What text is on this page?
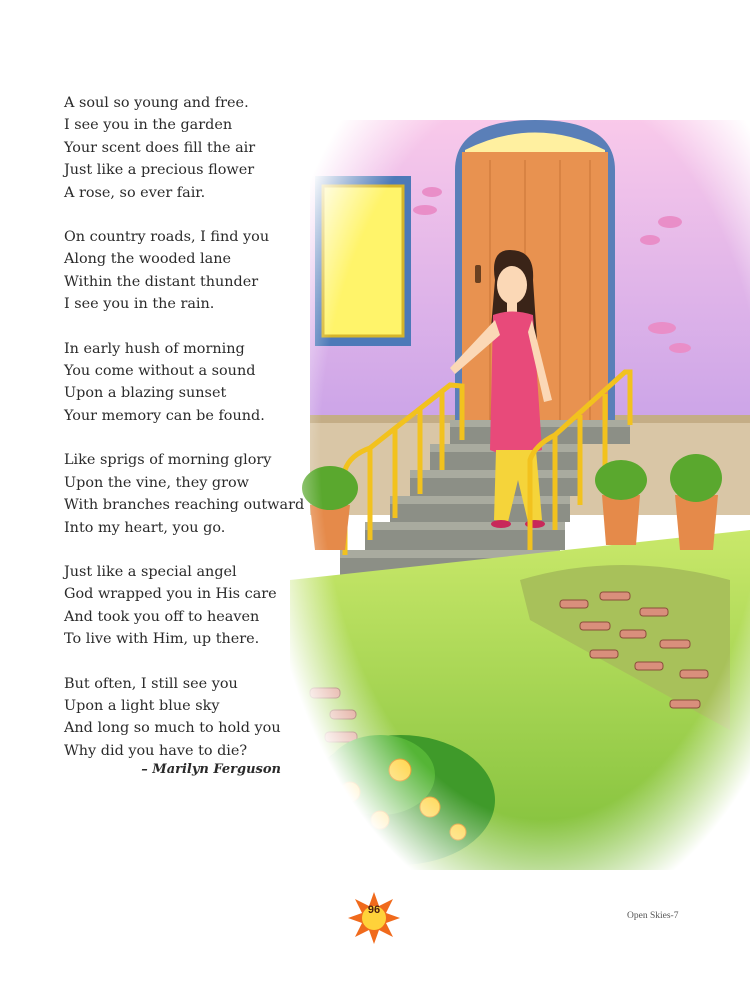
A soul so young and free.
I see you in the garden
Your scent does fill the air
Just like a precious flower
A rose, so ever fair.
On country roads, I find you
Along the wooded lane
Within the distant thunder
I see you in the rain.
In early hush of morning
You come without a sound
Upon a blazing sunset
Your memory can be found.
Like sprigs of morning glory
Upon the vine, they grow
With branches reaching outward
Into my heart, you go.
Just like a special angel
God wrapped you in His care
And took you off to heaven
To live with Him, up there.
But often, I still see you
Upon a light blue sky
And long so much to hold you
Why did you have to die?
– Marilyn Ferguson
96	Open Skies-7
